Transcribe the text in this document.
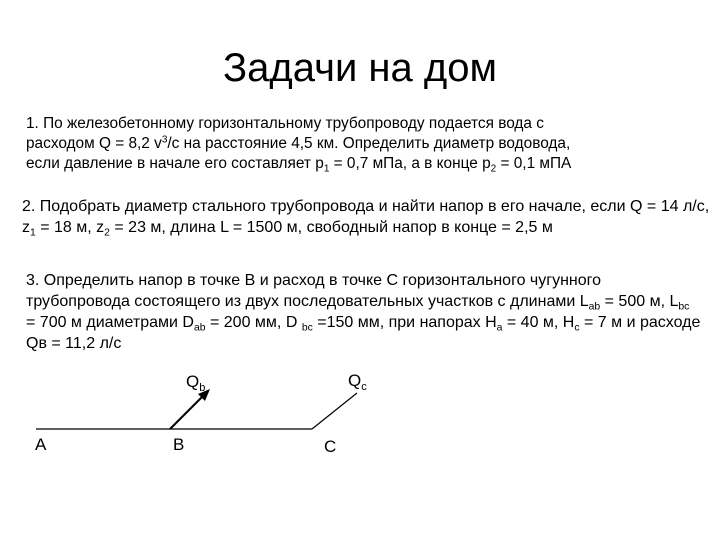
Задачи на дом

1. По железобетонному горизонтальному трубопроводу подается вода с
расходом Q = 8,2 $v^3/с$ на расстояние 4,5 км. Определить диаметр водовода,
если давление в начале его составляет $р_1 = 0,7$ мПа, а в конце $р_2 = 0,1$ мПА

2. Подобрать диаметр стального трубопровода и найти напор в его начале, если Q = 14 л/с, $z_1 = 18$ м, $z_2 = 23$ м, длина L = 1500 м, свободный напор в конце = 2,5 м

3. Определить напор в точке В и расход в точке С горизонтального чугунного трубопровода состоящего из двух последовательных участков с длинами $L_{ab} = 500$ м, $L_{bc} = 700$ м диаметрами $D_{ab} = 200$ мм, D $_{bc}$ =150 мм, при напорах $Н_a = 40$ м, $Н_c = 7$ м и расходе Qв = 11,2 л/с

$Q_b$	$Q_c$
A	B	C
